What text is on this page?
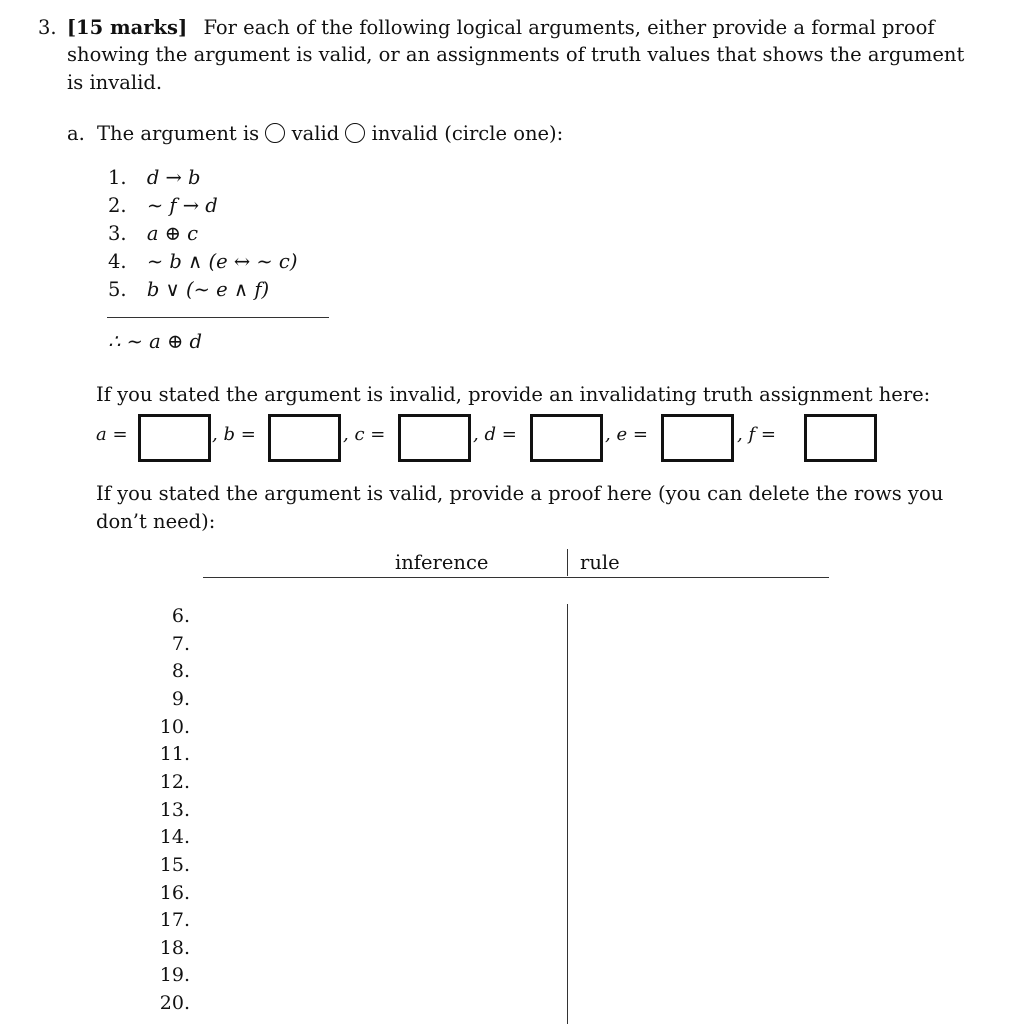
3. [15 marks] For each of the following logical arguments, either provide a formal proof
showing the argument is valid, or an assignments of truth values that shows the argument
is invalid.
a. The argument is valid invalid (circle one):
1. d → b
2. ∼ f → d
3. a ⊕ c
4. ∼ b ∧ (e ↔ ∼ c)
5. b ∨ (∼ e ∧ f)
∴ ∼ a ⊕ d
If you stated the argument is invalid, provide an invalidating truth assignment here:
a =	, b =	, c =	, d =	, e =	, f =
If you stated the argument is valid, provide a proof here (you can delete the rows you
don’t need):
inference	rule
6.
7.
8.
9.
10.
11.
12.
13.
14.
15.
16.
17.
18.
19.
20.
